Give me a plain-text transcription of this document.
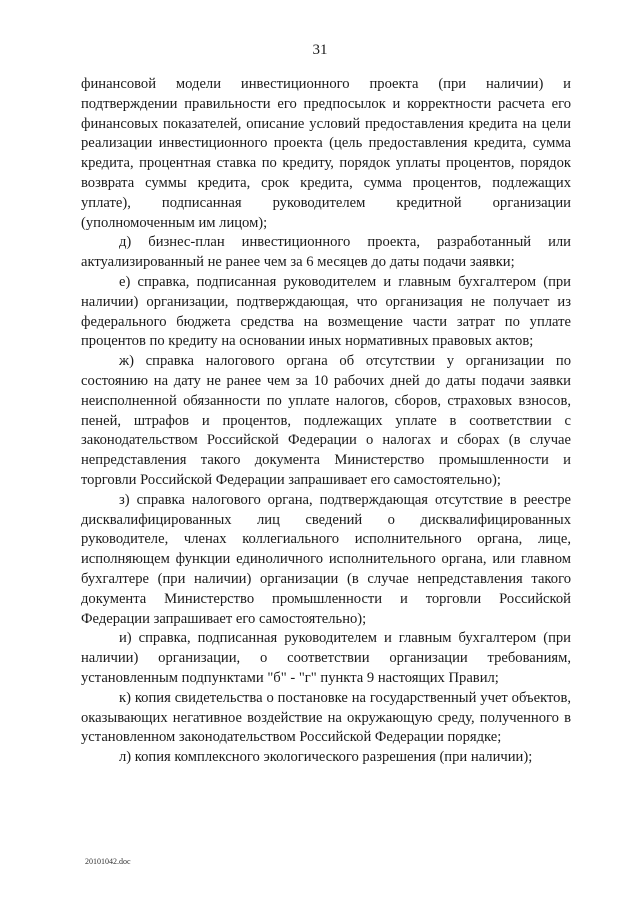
31

финансовой модели инвестиционного проекта (при наличии) и подтверждении правильности его предпосылок и корректности расчета его финансовых показателей, описание условий предоставления кредита на цели реализации инвестиционного проекта (цель предоставления кредита, сумма кредита, процентная ставка по кредиту, порядок уплаты процентов, порядок возврата суммы кредита, срок кредита, сумма процентов, подлежащих уплате), подписанная руководителем кредитной организации (уполномоченным им лицом);

д) бизнес-план инвестиционного проекта, разработанный или актуализированный не ранее чем за 6 месяцев до даты подачи заявки;

е) справка, подписанная руководителем и главным бухгалтером (при наличии) организации, подтверждающая, что организация не получает из федерального бюджета средства на возмещение части затрат по уплате процентов по кредиту на основании иных нормативных правовых актов;

ж) справка налогового органа об отсутствии у организации по состоянию на дату не ранее чем за 10 рабочих дней до даты подачи заявки неисполненной обязанности по уплате налогов, сборов, страховых взносов, пеней, штрафов и процентов, подлежащих уплате в соответствии с законодательством Российской Федерации о налогах и сборах (в случае непредставления такого документа Министерство промышленности и торговли Российской Федерации запрашивает его самостоятельно);

з) справка налогового органа, подтверждающая отсутствие в реестре дисквалифицированных лиц сведений о дисквалифицированных руководителе, членах коллегиального исполнительного органа, лице, исполняющем функции единоличного исполнительного органа, или главном бухгалтере (при наличии) организации (в случае непредставления такого документа Министерство промышленности и торговли Российской Федерации запрашивает его самостоятельно);

и) справка, подписанная руководителем и главным бухгалтером (при наличии) организации, о соответствии организации требованиям, установленным подпунктами "б" - "г" пункта 9 настоящих Правил;

к) копия свидетельства о постановке на государственный учет объектов, оказывающих негативное воздействие на окружающую среду, полученного в установленном законодательством Российской Федерации порядке;

л) копия комплексного экологического разрешения (при наличии);

20101042.doc
